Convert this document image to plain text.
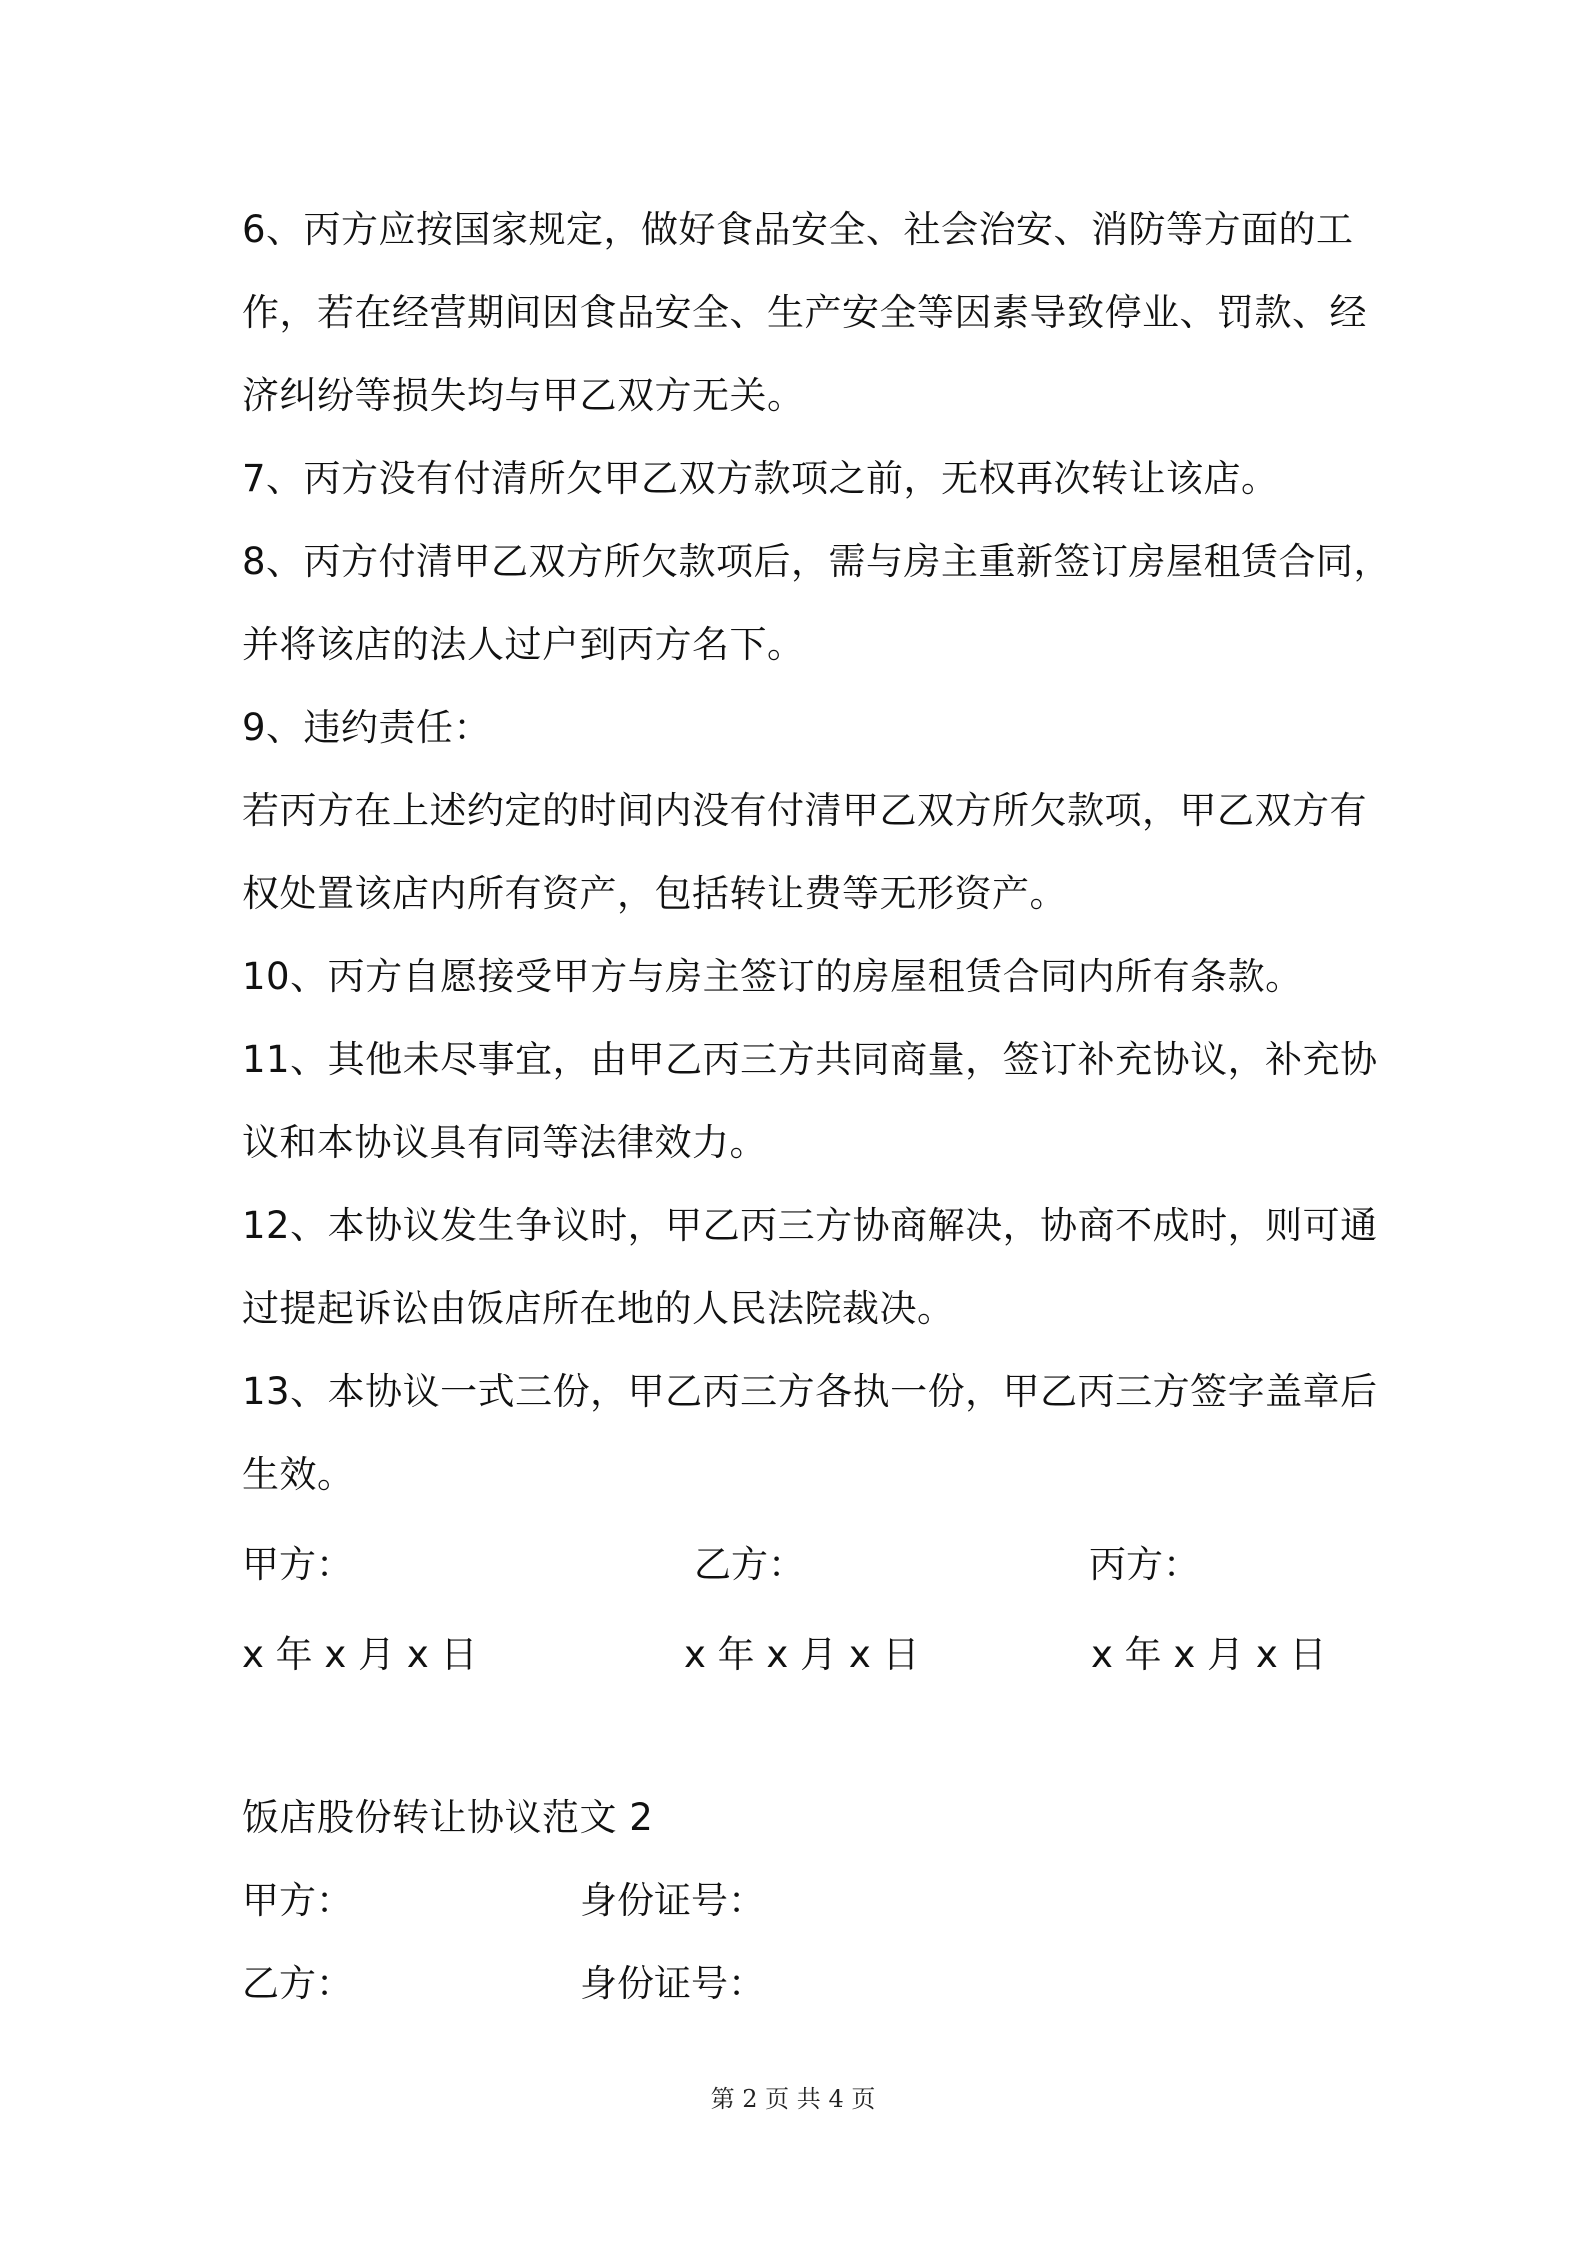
6、丙方应按国家规定，做好食品安全、社会治安、消防等方面的工
作，若在经营期间因食品安全、生产安全等因素导致停业、罚款、经
济纠纷等损失均与甲乙双方无关。
7、丙方没有付清所欠甲乙双方款项之前，无权再次转让该店。
8、丙方付清甲乙双方所欠款项后，需与房主重新签订房屋租赁合同，
并将该店的法人过户到丙方名下。
9、违约责任：
若丙方在上述约定的时间内没有付清甲乙双方所欠款项，甲乙双方有
权处置该店内所有资产，包括转让费等无形资产。
10、丙方自愿接受甲方与房主签订的房屋租赁合同内所有条款。
11、其他未尽事宜，由甲乙丙三方共同商量，签订补充协议，补充协
议和本协议具有同等法律效力。
12、本协议发生争议时，甲乙丙三方协商解决，协商不成时，则可通
过提起诉讼由饭店所在地的人民法院裁决。
13、本协议一式三份，甲乙丙三方各执一份，甲乙丙三方签字盖章后
生效。
甲方：	乙方：	丙方：
x 年 x 月 x 日	x 年 x 月 x 日	x 年 x 月 x 日
饭店股份转让协议范文 2
甲方：	身份证号：
乙方：	身份证号：
第 2 页 共 4 页
